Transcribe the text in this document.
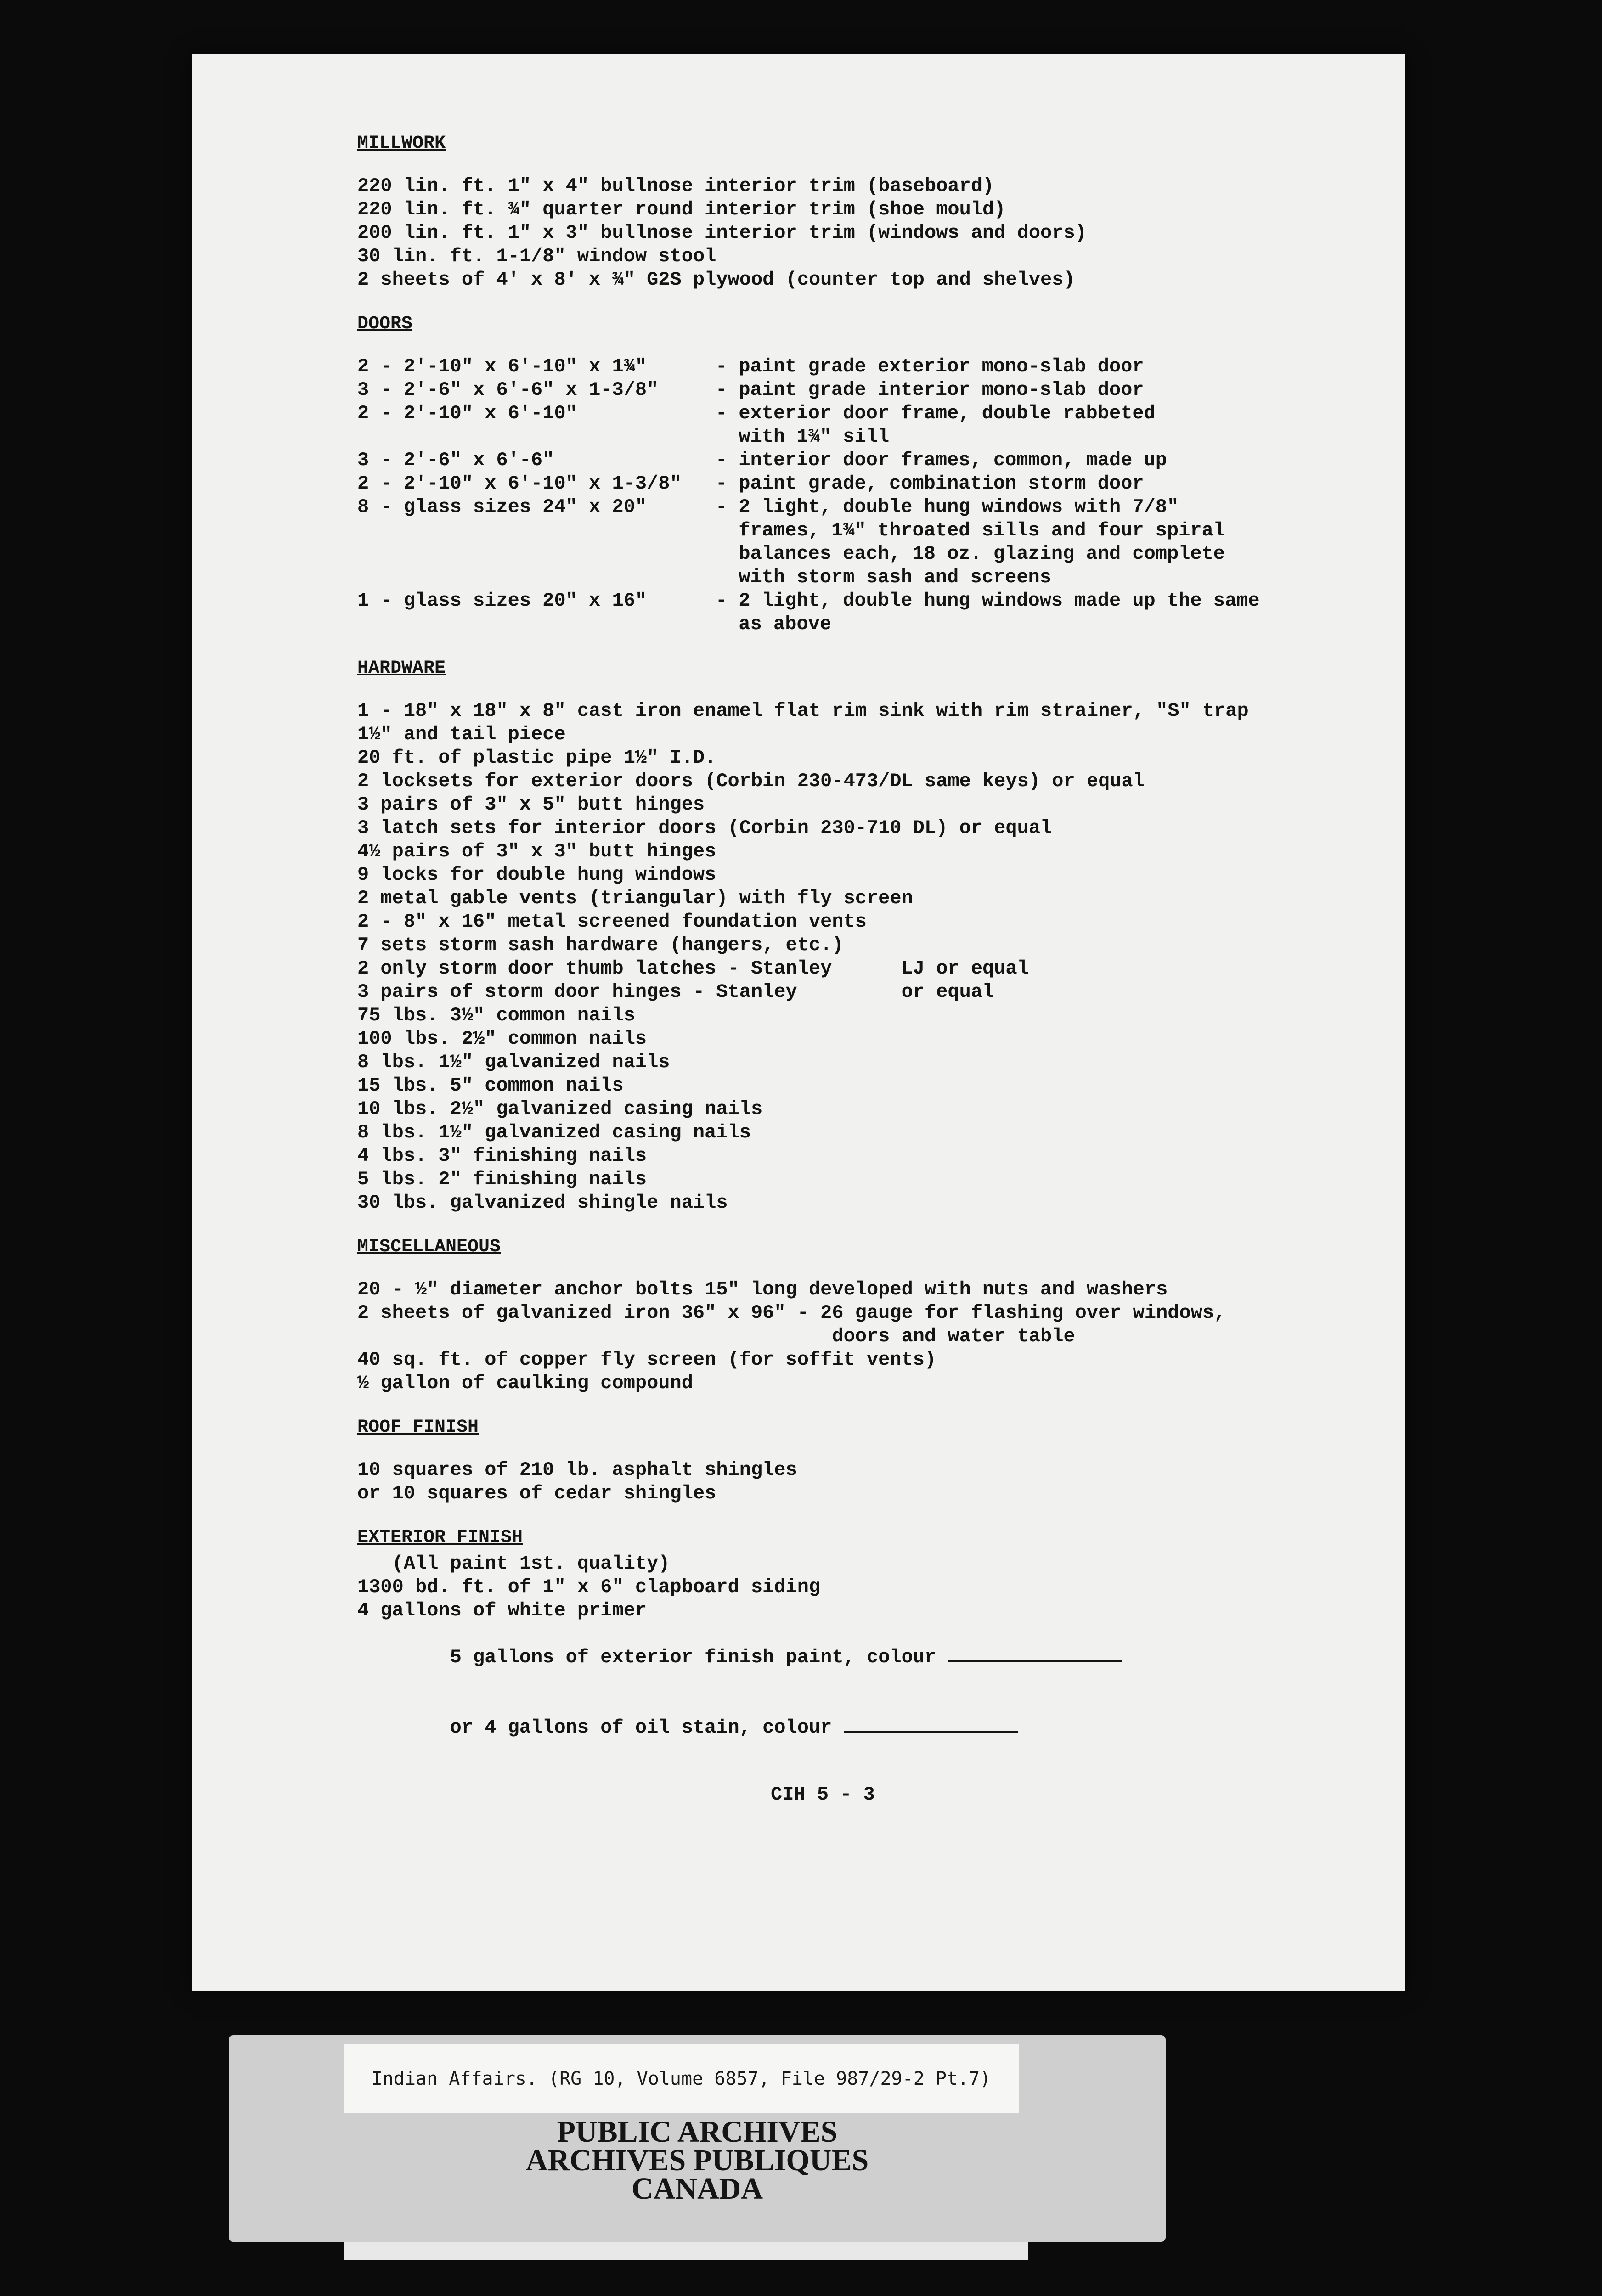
MILLWORK
220 lin. ft. 1" x 4" bullnose interior trim (baseboard)
220 lin. ft. ¾" quarter round interior trim (shoe mould)
200 lin. ft. 1" x 3" bullnose interior trim (windows and doors)
30 lin. ft. 1-1/8" window stool
2 sheets of 4' x 8' x ¾" G2S plywood (counter top and shelves)
DOORS
2 - 2'-10" x 6'-10" x 1¾"	- paint grade exterior mono-slab door
3 - 2'-6" x 6'-6" x 1-3/8"	- paint grade interior mono-slab door
2 - 2'-10" x 6'-10"	- exterior door frame, double rabbeted
with 1¾" sill
3 - 2'-6" x 6'-6"	- interior door frames, common, made up
2 - 2'-10" x 6'-10" x 1-3/8"	- paint grade, combination storm door
8 - glass sizes 24" x 20"	- 2 light, double hung windows with 7/8"
frames, 1¾" throated sills and four spiral
balances each, 18 oz. glazing and complete
with storm sash and screens
1 - glass sizes 20" x 16"	- 2 light, double hung windows made up the same
as above
HARDWARE
1 - 18" x 18" x 8" cast iron enamel flat rim sink with rim strainer, "S" trap
1½" and tail piece
20 ft. of plastic pipe 1½" I.D.
2 locksets for exterior doors (Corbin 230-473/DL same keys) or equal
3 pairs of 3" x 5" butt hinges
3 latch sets for interior doors (Corbin 230-710 DL) or equal
4½ pairs of 3" x 3" butt hinges
9 locks for double hung windows
2 metal gable vents (triangular) with fly screen
2 - 8" x 16" metal screened foundation vents
7 sets storm sash hardware (hangers, etc.)
2 only storm door thumb latches - Stanley      LJ or equal
3 pairs of storm door hinges - Stanley         or equal
75 lbs. 3½" common nails
100 lbs. 2½" common nails
8 lbs. 1½" galvanized nails
15 lbs. 5" common nails
10 lbs. 2½" galvanized casing nails
8 lbs. 1½" galvanized casing nails
4 lbs. 3" finishing nails
5 lbs. 2" finishing nails
30 lbs. galvanized shingle nails
MISCELLANEOUS
20 - ½" diameter anchor bolts 15" long developed with nuts and washers
2 sheets of galvanized iron 36" x 96" - 26 gauge for flashing over windows,
doors and water table
40 sq. ft. of copper fly screen (for soffit vents)
½ gallon of caulking compound
ROOF FINISH
10 squares of 210 lb. asphalt shingles
or 10 squares of cedar shingles
EXTERIOR FINISH
(All paint 1st. quality)
1300 bd. ft. of 1" x 6" clapboard siding
4 gallons of white primer

5 gallons of exterior finish paint, colour

or 4 gallons of oil stain, colour

CIH 5 - 3
Indian Affairs. (RG 10, Volume 6857, File 987/29-2 Pt.7)
PUBLIC ARCHIVES
ARCHIVES PUBLIQUES
CANADA
